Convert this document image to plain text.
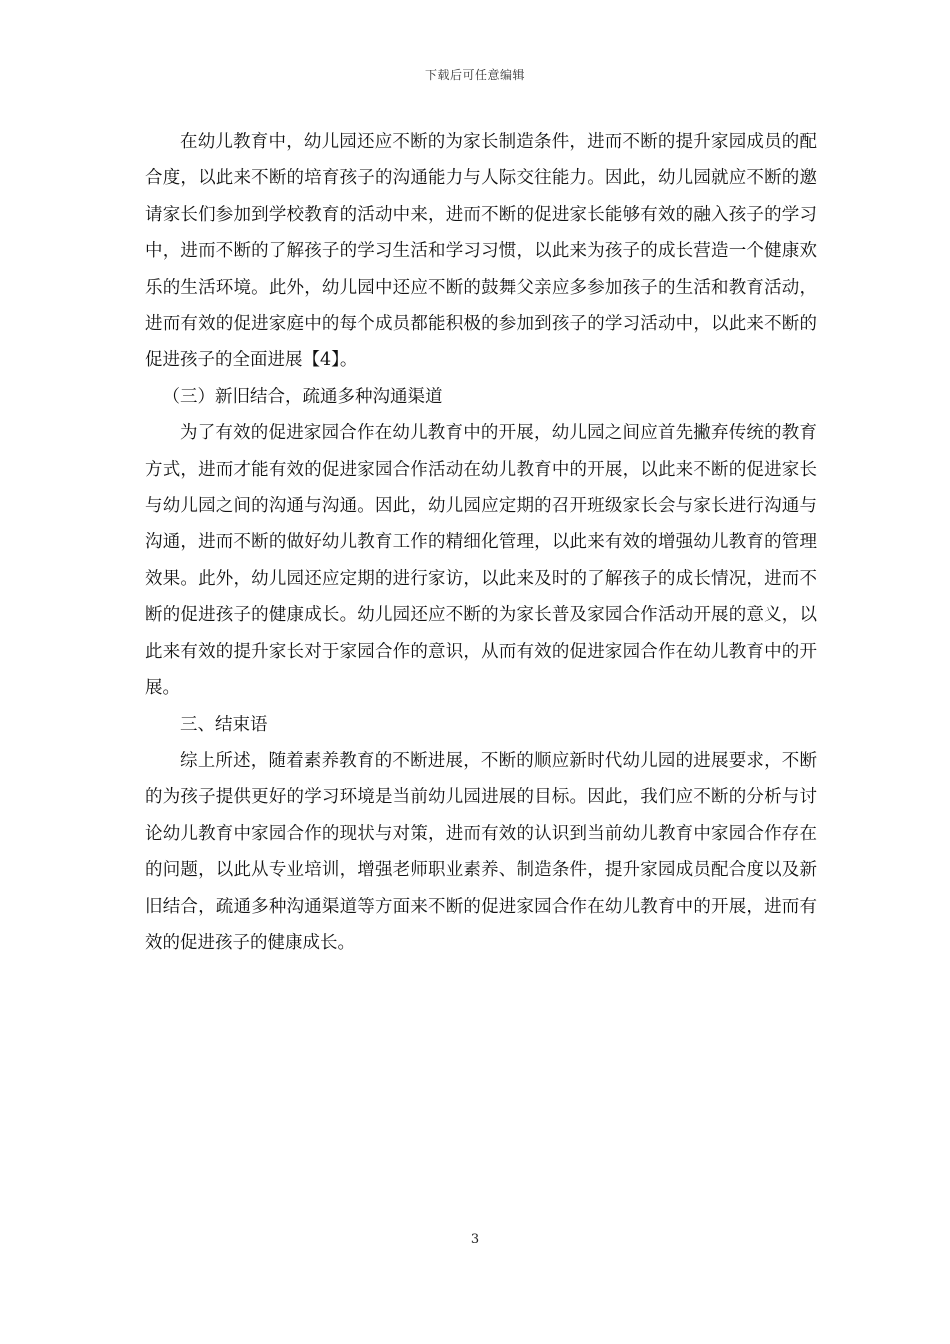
下载后可任意编辑

在幼儿教育中，幼儿园还应不断的为家长制造条件，进而不断的提升家园成员的配合度，以此来不断的培育孩子的沟通能力与人际交往能力。因此，幼儿园就应不断的邀请家长们参加到学校教育的活动中来，进而不断的促进家长能够有效的融入孩子的学习中，进而不断的了解孩子的学习生活和学习习惯，以此来为孩子的成长营造一个健康欢乐的生活环境。此外，幼儿园中还应不断的鼓舞父亲应多参加孩子的生活和教育活动，进而有效的促进家庭中的每个成员都能积极的参加到孩子的学习活动中，以此来不断的促进孩子的全面进展【4】。

（三）新旧结合，疏通多种沟通渠道

为了有效的促进家园合作在幼儿教育中的开展，幼儿园之间应首先撇弃传统的教育方式，进而才能有效的促进家园合作活动在幼儿教育中的开展，以此来不断的促进家长与幼儿园之间的沟通与沟通。因此，幼儿园应定期的召开班级家长会与家长进行沟通与沟通，进而不断的做好幼儿教育工作的精细化管理，以此来有效的增强幼儿教育的管理效果。此外，幼儿园还应定期的进行家访，以此来及时的了解孩子的成长情况，进而不断的促进孩子的健康成长。幼儿园还应不断的为家长普及家园合作活动开展的意义，以此来有效的提升家长对于家园合作的意识，从而有效的促进家园合作在幼儿教育中的开展。

三、结束语

综上所述，随着素养教育的不断进展，不断的顺应新时代幼儿园的进展要求，不断的为孩子提供更好的学习环境是当前幼儿园进展的目标。因此，我们应不断的分析与讨论幼儿教育中家园合作的现状与对策，进而有效的认识到当前幼儿教育中家园合作存在的问题，以此从专业培训，增强老师职业素养、制造条件，提升家园成员配合度以及新旧结合，疏通多种沟通渠道等方面来不断的促进家园合作在幼儿教育中的开展，进而有效的促进孩子的健康成长。

3
